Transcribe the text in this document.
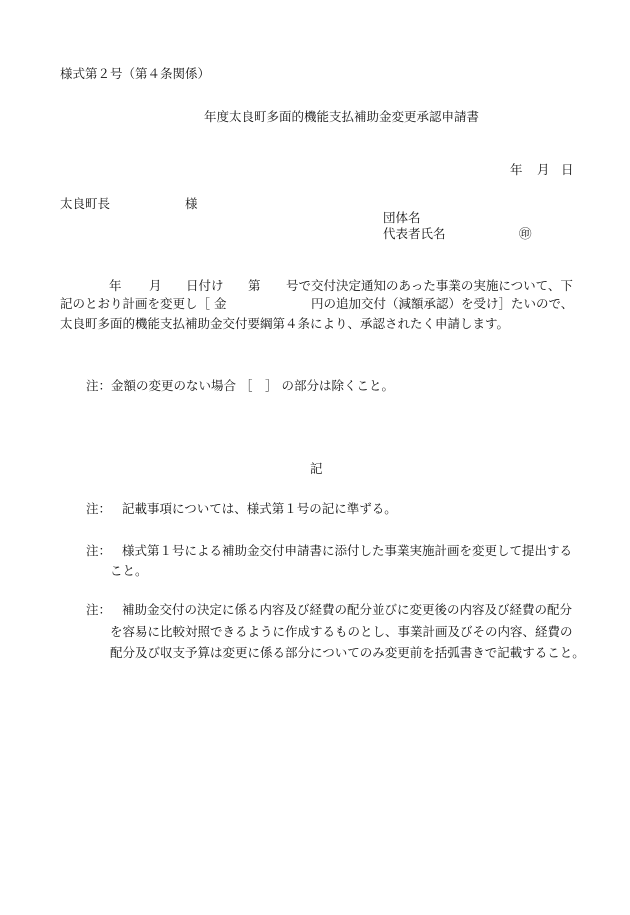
様式第２号（第４条関係）
年度太良町多面的機能支払補助金変更承認申請書
年 月 日
太良町長	様
団体名
代表者氏名	㊞
年 月 日付け 第 号で交付決定通知のあった事業の実施について、下
記のとおり計画を変更し［ 金	円の追加交付（減額承認）を受け］たいので、
太良町多面的機能支払補助金交付要綱第４条により、承認されたく申請します。
注：金額の変更のない場合 ［　］ の部分は除くこと。
記
注： 記載事項については、様式第１号の記に準ずる。
注： 様式第１号による補助金交付申請書に添付した事業実施計画を変更して提出する
こと。
注： 補助金交付の決定に係る内容及び経費の配分並びに変更後の内容及び経費の配分
を容易に比較対照できるように作成するものとし、事業計画及びその内容、経費の
配分及び収支予算は変更に係る部分についてのみ変更前を括弧書きで記載すること。
